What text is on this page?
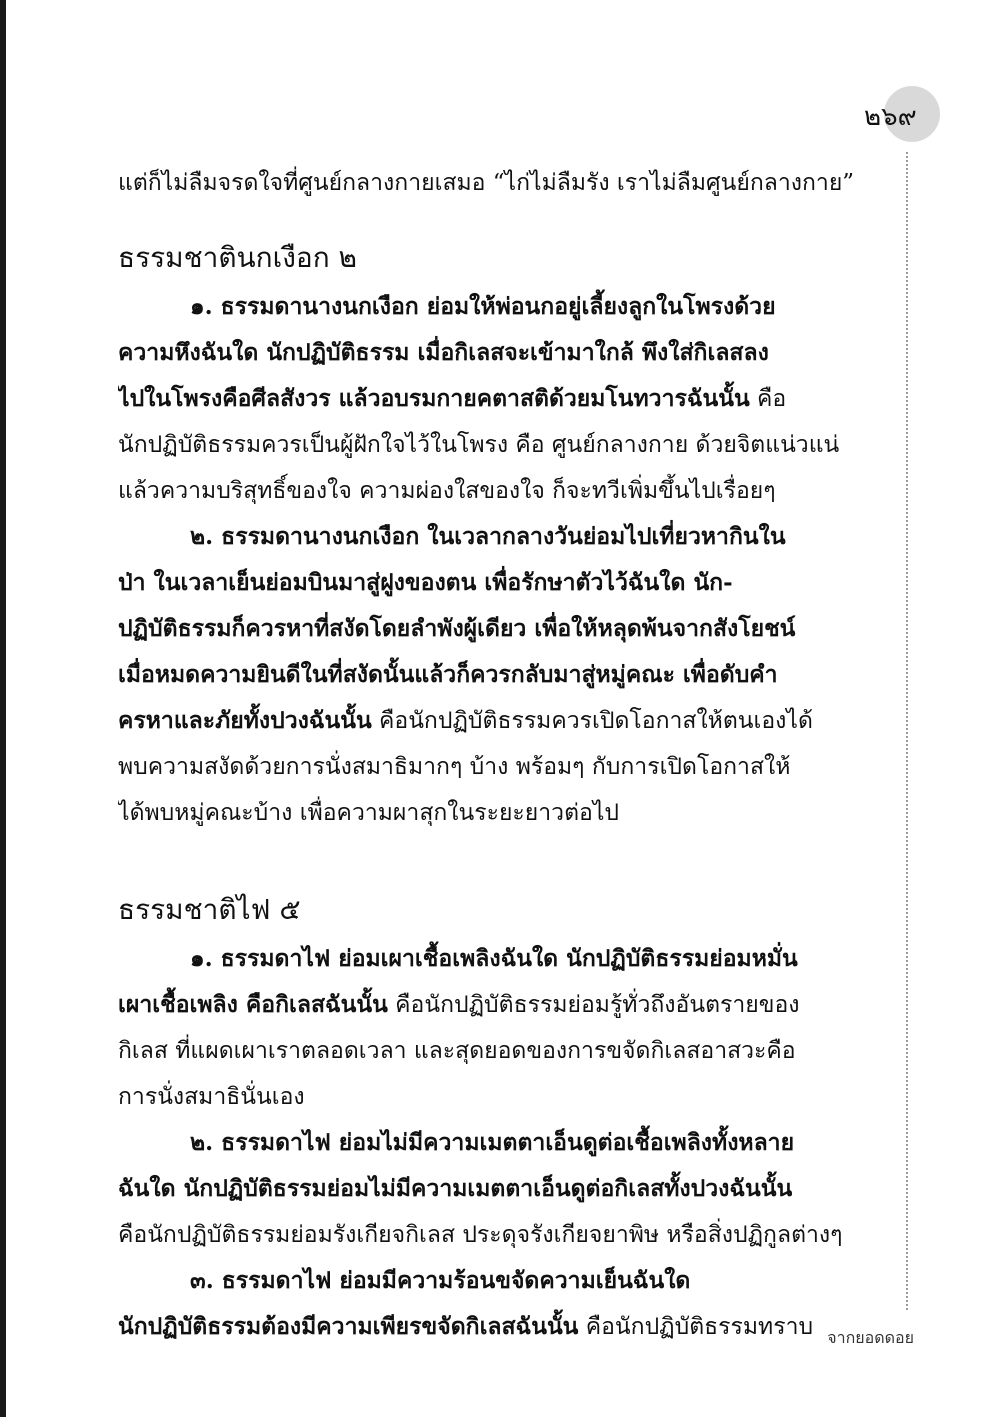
๒๖๙

แต่ก็ไม่ลืมจรดใจที่ศูนย์กลางกายเสมอ “ไก่ไม่ลืมรัง เราไม่ลืมศูนย์กลางกาย”

ธรรมชาตินกเงือก ๒

๑. ธรรมดานางนกเงือก ย่อมให้พ่อนกอยู่เลี้ยงลูกในโพรงด้วย

ความหึงฉันใด นักปฏิบัติธรรม เมื่อกิเลสจะเข้ามาใกล้ พึงใส่กิเลสลง

ไปในโพรงคือศีลสังวร แล้วอบรมกายคตาสติด้วยมโนทวารฉันนั้น คือ

นักปฏิบัติธรรมควรเป็นผู้ฝักใจไว้ในโพรง คือ ศูนย์กลางกาย ด้วยจิตแน่วแน่

แล้วความบริสุทธิ์ของใจ ความผ่องใสของใจ ก็จะทวีเพิ่มขึ้นไปเรื่อยๆ

๒. ธรรมดานางนกเงือก ในเวลากลางวันย่อมไปเที่ยวหากินใน

ป่า ในเวลาเย็นย่อมบินมาสู่ฝูงของตน เพื่อรักษาตัวไว้ฉันใด นัก-

ปฏิบัติธรรมก็ควรหาที่สงัดโดยลำพังผู้เดียว เพื่อให้หลุดพ้นจากสังโยชน์

เมื่อหมดความยินดีในที่สงัดนั้นแล้วก็ควรกลับมาสู่หมู่คณะ เพื่อดับคำ

ครหาและภัยทั้งปวงฉันนั้น คือนักปฏิบัติธรรมควรเปิดโอกาสให้ตนเองได้

พบความสงัดด้วยการนั่งสมาธิมากๆ บ้าง พร้อมๆ กับการเปิดโอกาสให้

ได้พบหมู่คณะบ้าง เพื่อความผาสุกในระยะยาวต่อไป

ธรรมชาติไฟ ๕

๑. ธรรมดาไฟ ย่อมเผาเชื้อเพลิงฉันใด นักปฏิบัติธรรมย่อมหมั่น

เผาเชื้อเพลิง คือกิเลสฉันนั้น คือนักปฏิบัติธรรมย่อมรู้ทั่วถึงอันตรายของ

กิเลส ที่แผดเผาเราตลอดเวลา และสุดยอดของการขจัดกิเลสอาสวะคือ

การนั่งสมาธินั่นเอง

๒. ธรรมดาไฟ ย่อมไม่มีความเมตตาเอ็นดูต่อเชื้อเพลิงทั้งหลาย

ฉันใด นักปฏิบัติธรรมย่อมไม่มีความเมตตาเอ็นดูต่อกิเลสทั้งปวงฉันนั้น

คือนักปฏิบัติธรรมย่อมรังเกียจกิเลส ประดุจรังเกียจยาพิษ หรือสิ่งปฏิกูลต่างๆ

๓. ธรรมดาไฟ ย่อมมีความร้อนขจัดความเย็นฉันใด

นักปฏิบัติธรรมต้องมีความเพียรขจัดกิเลสฉันนั้น คือนักปฏิบัติธรรมทราบ จากยอดดอย
